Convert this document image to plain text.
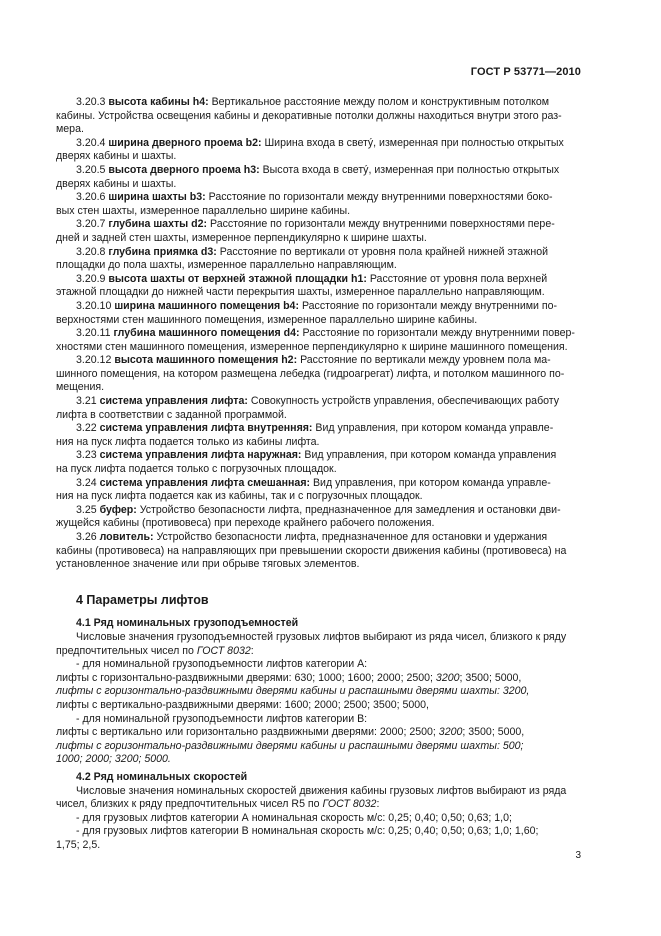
ГОСТ Р 53771—2010
3.20.3 высота кабины h4: Вертикальное расстояние между полом и конструктивным потолком
кабины. Устройства освещения кабины и декоративные потолки должны находиться внутри этого раз-
мера.
3.20.4 ширина дверного проема b2: Ширина входа в светý, измеренная при полностью открытых
дверях кабины и шахты.
3.20.5 высота дверного проема h3: Высота входа в светý, измеренная при полностью открытых
дверях кабины и шахты.
3.20.6 ширина шахты b3: Расстояние по горизонтали между внутренними поверхностями бoко-
вых стен шахты, измеренное параллельно ширине кабины.
3.20.7 глубина шахты d2: Расстояние по горизонтали между внутренними поверхностями пере-
дней и задней стен шахты, измеренное перпендикулярно к ширине шахты.
3.20.8 глубина приямка d3: Расстояние по вертикали от уровня пола крайней нижней этажной
площадки до пола шахты, измеренное параллельно направляющим.
3.20.9 высота шахты от верхней этажной площадки h1: Расстояние от уровня пола верхней
этажной площадки до нижней части перекрытия шахты, измеренное параллельно направляющим.
3.20.10 ширина машинного помещения b4: Расстояние по горизонтали между внутренними по-
верхностями стен машинного помещения, измеренное параллельно ширине кабины.
3.20.11 глубина машинного помещения d4: Расстояние по горизонтали между внутренними повер-
хностями стен машинного помещения, измеренное перпендикулярно к ширине машинного помещения.
3.20.12 высота машинного помещения h2: Расстояние по вертикали между уровнем пола ма-
шинного помещения, на котором размещена лебедка (гидроагрегат) лифта, и потолком машинного по-
мещения.
3.21 система управления лифта: Совокупность устройств управления, обеспечивающих работу
лифта в соответствии с заданной программой.
3.22 система управления лифта внутренняя: Вид управления, при котором команда управле-
ния на пуск лифта подается только из кабины лифта.
3.23 система управления лифта наружная: Вид управления, при котором команда управления
на пуск лифта подается только с погрузочных площадок.
3.24 система управления лифта смешанная: Вид управления, при котором команда управле-
ния на пуск лифта подается как из кабины, так и с погрузочных площадок.
3.25 буфер: Устройство безопасности лифта, предназначенное для замедления и остановки дви-
жущейся кабины (противовеса) при переходе крайнего рабочего положения.
3.26 ловитель: Устройство безопасности лифта, предназначенное для остановки и удержания
кабины (противовеса) на направляющих при превышении скорости движения кабины (противовеса) на
установленное значение или при обрыве тяговых элементов.
4 Параметры лифтов
4.1 Ряд номинальных грузоподъемностей
Числовые значения грузоподъемностей грузовых лифтов выбирают из ряда чисел, близкого к ряду
предпочтительных чисел по ГОСТ 8032:
- для номинальной грузоподъемности лифтов категории А:
лифты с горизонтально-раздвижными дверями: 630; 1000; 1600; 2000; 2500; 3200; 3500; 5000,
лифты с горизонтально-раздвижными дверями кабины и распашными дверями шахты: 3200,
лифты с вертикально-раздвижными дверями: 1600; 2000; 2500; 3500; 5000,
- для номинальной грузоподъемности лифтов категории В:
лифты с вертикально или горизонтально раздвижными дверями: 2000; 2500; 3200; 3500; 5000,
лифты с горизонтально-раздвижными дверями кабины и распашными дверями шахты: 500;
1000; 2000; 3200; 5000.
4.2 Ряд номинальных скоростей
Числовые значения номинальных скоростей движения кабины грузовых лифтов выбирают из ряда
чисел, близких к ряду предпочтительных чисел R5 по ГОСТ 8032:
- для грузовых лифтов категории А номинальная скорость м/с: 0,25; 0,40; 0,50; 0,63; 1,0;
- для грузовых лифтов категории В номинальная скорость м/с: 0,25; 0,40; 0,50; 0,63; 1,0; 1,60;
1,75; 2,5.
3
